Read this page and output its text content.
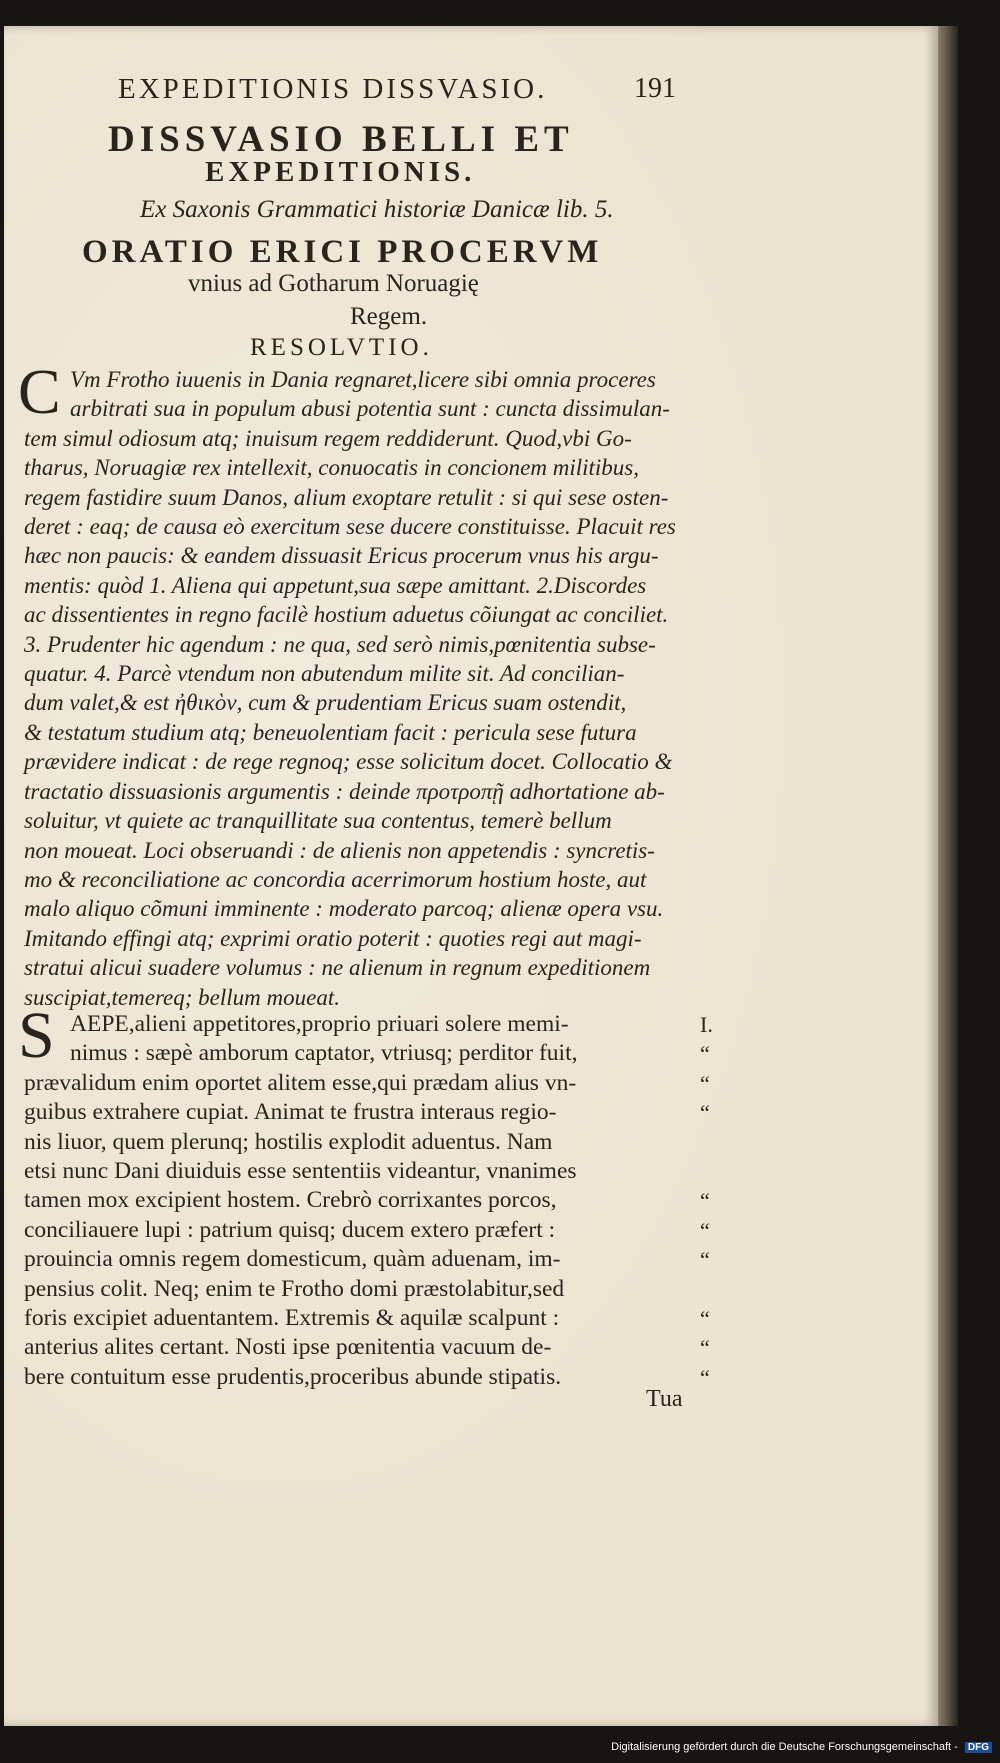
EXPEDITIONIS DISSVASIO.	191
DISSVASIO BELLI ET
EXPEDITIONIS.
Ex Saxonis Grammatici historiæ Danicæ lib. 5.
ORATIO ERICI PROCERVM
vnius ad Gotharum Noruagię
Regem.
RESOLVTIO.
C Vm Frotho iuuenis in Dania regnaret,licere sibi omnia proceres
arbitrati sua in populum abusi potentia sunt : cuncta dissimulan-
tem simul odiosum atq; inuisum regem reddiderunt. Quod,vbi Go-
tharus, Noruagiæ rex intellexit, conuocatis in concionem militibus,
regem fastidire suum Danos, alium exoptare retulit : si qui sese osten-
deret : eaq; de causa eò exercitum sese ducere constituisse. Placuit res
hæc non paucis: & eandem dissuasit Ericus procerum vnus his argu-
mentis: quòd 1. Aliena qui appetunt,sua sæpe amittant. 2.Discordes
ac dissentientes in regno facilè hostium aduetus cõiungat ac conciliet.
3. Prudenter hic agendum : ne qua, sed serò nimis,pœnitentia subse-
quatur. 4. Parcè vtendum non abutendum milite sit. Ad concilian-
dum valet,& est ἠθικὸν, cum & prudentiam Ericus suam ostendit,
& testatum studium atq; beneuolentiam facit : pericula sese futura
prævidere indicat : de rege regnoq; esse solicitum docet. Collocatio &
tractatio dissuasionis argumentis : deinde προτροπῇ adhortatione ab-
soluitur, vt quiete ac tranquillitate sua contentus, temerè bellum
non moueat. Loci obseruandi : de alienis non appetendis : syncretis-
mo & reconciliatione ac concordia acerrimorum hostium hoste, aut
malo aliquo cõmuni imminente : moderato parcoq; alienæ opera vsu.
Imitando effingi atq; exprimi oratio poterit : quoties regi aut magi-
stratui alicui suadere volumus : ne alienum in regnum expeditionem
suscipiat,temereq; bellum moueat.
S AEPE,alieni appetitores,proprio priuari solere memi-
nimus : sæpè amborum captator, vtriusq; perditor fuit,
prævalidum enim oportet alitem esse,qui prædam alius vn-
guibus extrahere cupiat. Animat te frustra interaus regio-
nis liuor, quem plerunq; hostilis explodit aduentus. Nam
etsi nunc Dani diuiduis esse sententiis videantur, vnanimes
tamen mox excipient hostem. Crebrò corrixantes porcos,
conciliauere lupi : patrium quisq; ducem extero præfert :
prouincia omnis regem domesticum, quàm aduenam, im-
pensius colit. Neq; enim te Frotho domi præstolabitur,sed
foris excipiet aduentantem. Extremis & aquilæ scalpunt :
anterius alites certant. Nosti ipse pœnitentia vacuum de-
bere contuitum esse prudentis,proceribus abunde stipatis.
I.
“
“
“
“
“
“
“
“
“
Tua
Digitalisierung gefördert durch die Deutsche Forschungsgemeinschaft - DFG
